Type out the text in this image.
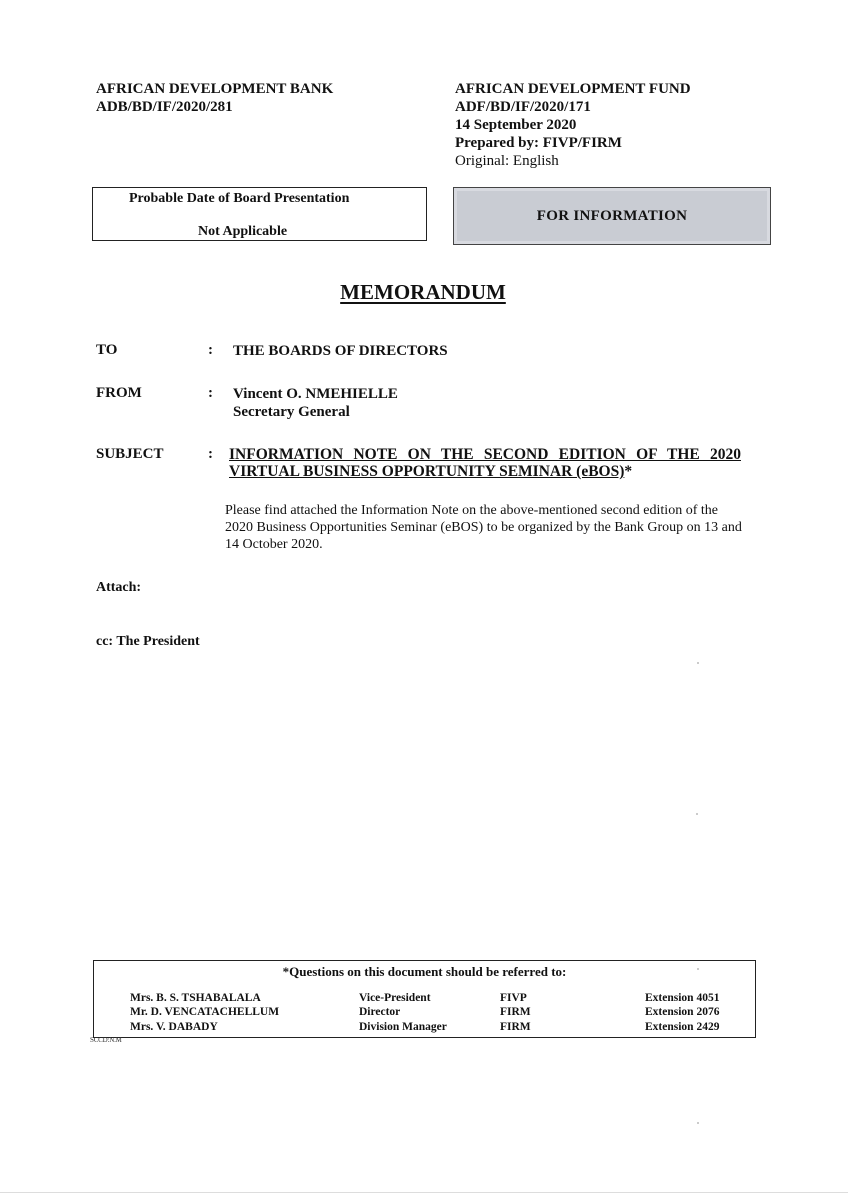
AFRICAN DEVELOPMENT BANK
ADB/BD/IF/2020/281
AFRICAN DEVELOPMENT FUND
ADF/BD/IF/2020/171
14 September 2020
Prepared by: FIVP/FIRM
Original: English
Probable Date of Board Presentation
Not Applicable
FOR INFORMATION
MEMORANDUM
TO	: THE BOARDS OF DIRECTORS
FROM	: Vincent O. NMEHIELLE
Secretary General
SUBJECT	: INFORMATION NOTE ON THE SECOND EDITION OF THE 2020
VIRTUAL BUSINESS OPPORTUNITY SEMINAR (eBOS)*
Please find attached the Information Note on the above-mentioned second edition of the 2020 Business Opportunities Seminar (eBOS) to be organized by the Bank Group on 13 and 14 October 2020.
Attach:
cc: The President
*Questions on this document should be referred to:
Mrs. B. S. TSHABALALA	Vice-President	FIVP	Extension 4051
Mr. D. VENCATACHELLUM	Director	FIRM	Extension 2076
Mrs. V. DABADY	Division Manager	FIRM	Extension 2429
SCCD:N.M
